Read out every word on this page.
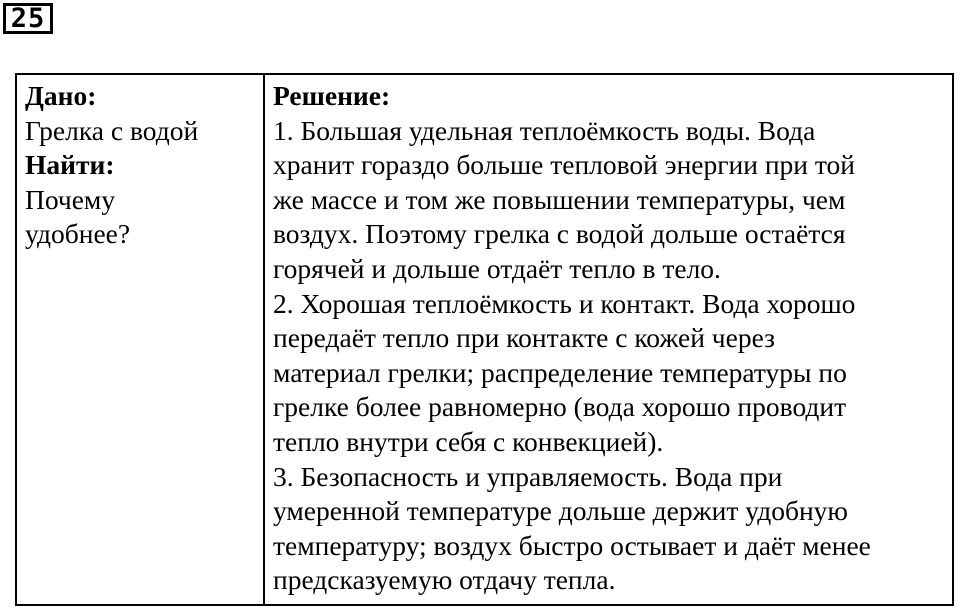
25
Дано:
Грелка с водой
Найти:
Почему
удобнее?

Решение:
1. Большая удельная теплоёмкость воды. Вода
хранит гораздо больше тепловой энергии при той
же массе и том же повышении температуры, чем
воздух. Поэтому грелка с водой дольше остаётся
горячей и дольше отдаёт тепло в тело.
2. Хорошая теплоёмкость и контакт. Вода хорошо
передаёт тепло при контакте с кожей через
материал грелки; распределение температуры по
грелке более равномерно (вода хорошо проводит
тепло внутри себя с конвекцией).
3. Безопасность и управляемость. Вода при
умеренной температуре дольше держит удобную
температуру; воздух быстро остывает и даёт менее
предсказуемую отдачу тепла.
